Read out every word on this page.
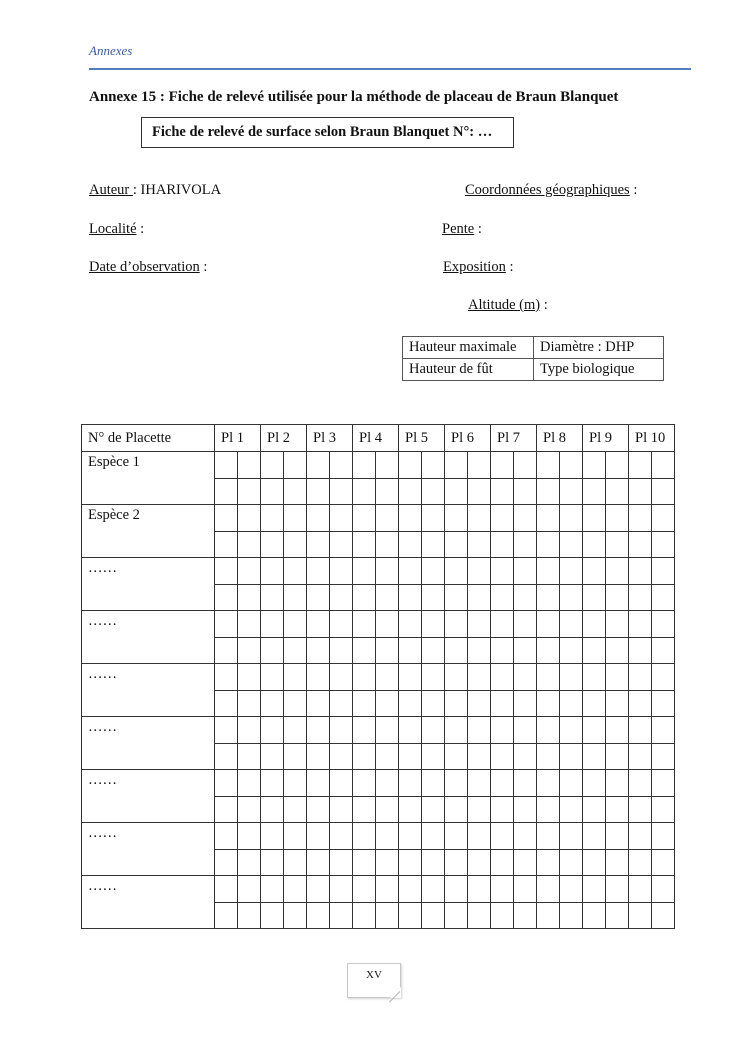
Annexes
Annexe 15 : Fiche de relevé utilisée pour la méthode de placeau de Braun Blanquet
Fiche de relevé de surface selon Braun Blanquet N°: …
Auteur : IHARIVOLA	Coordonnées géographiques :
Localité :	Pente :
Date d’observation :	Exposition :
Altitude (m) :
Hauteur maximale	Diamètre : DHP
Hauteur de fût	Type biologique
N° de Placette	Pl 1		Pl 2		Pl 3		Pl 4		Pl 5		Pl 6		Pl 7		Pl 8		Pl 9		Pl 10	
Espèce 1																				

Espèce 2																				

……																				

……																				

……																				

……																				

……																				

……																				

……																				

XV
